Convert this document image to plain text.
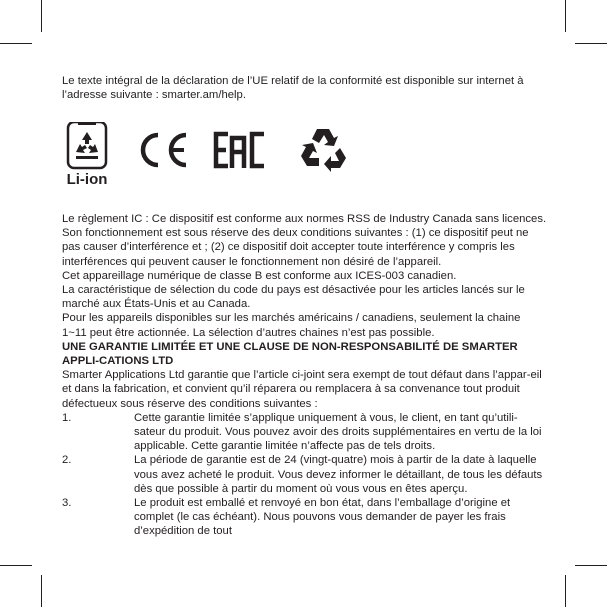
Le texte intégral de la déclaration de l’UE relatif de la conformité est disponible sur internet à l’adresse suivante : smarter.am/help.

Li-ion

Le règlement IC : Ce dispositif est conforme aux normes RSS de Industry Canada sans licences. Son fonctionnement est sous réserve des deux conditions suivantes : (1) ce dispositif peut ne pas causer d’interférence et ; (2) ce dispositif doit accepter toute interférence y compris les interférences qui peuvent causer le fonctionnement non désiré de l’appareil.

Cet appareillage numérique de classe B est conforme aux ICES-003 canadien.

La caractéristique de sélection du code du pays est désactivée pour les articles lancés sur le marché aux États-Unis et au Canada.

Pour les appareils disponibles sur les marchés américains / canadiens, seulement la chaine 1~11 peut être actionnée. La sélection d’autres chaines n’est pas possible.

UNE GARANTIE LIMITÉE ET UNE CLAUSE DE NON-RESPONSABILITÉ DE SMARTER APPLI-CATIONS LTD

Smarter Applications Ltd garantie que l’article ci-joint sera exempt de tout défaut dans l’appar-eil et dans la fabrication, et convient qu’il réparera ou remplacera à sa convenance tout produit défectueux sous réserve des conditions suivantes :

1.	Cette garantie limitée s’applique uniquement à vous, le client, en tant qu’utili-sateur du produit. Vous pouvez avoir des droits supplémentaires en vertu de la loi applicable. Cette garantie limitée n’affecte pas de tels droits.
2.	La période de garantie est de 24 (vingt-quatre) mois à partir de la date à laquelle vous avez acheté le produit. Vous devez informer le détaillant, de tous les défauts dès que possible à partir du moment où vous vous en êtes aperçu.
3.	Le produit est emballé et renvoyé en bon état, dans l’emballage d’origine et complet (le cas échéant). Nous pouvons vous demander de payer les frais d’expédition de tout
